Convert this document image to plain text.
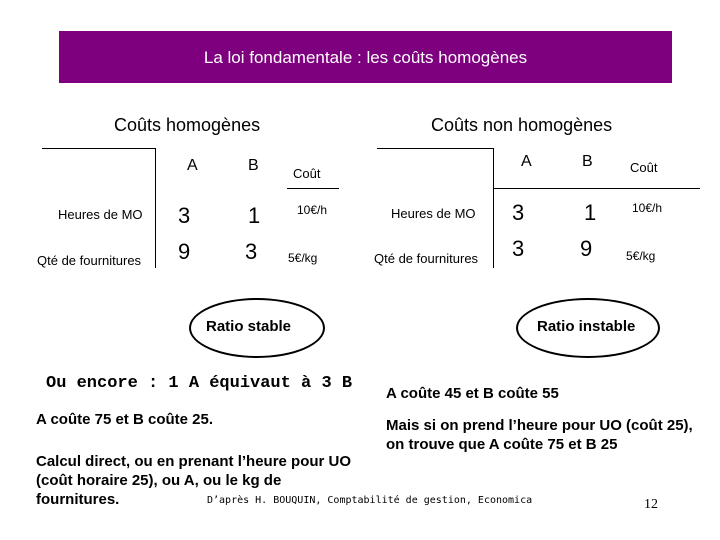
La loi fondamentale : les coûts homogènes
Coûts homogènes	Coûts non homogènes
A	B	Coût
Heures de MO 3	1	10€/h
Qté de fournitures 9 3	5€/kg
A	B	Coût
Heures de MO 3	1	10€/h
Qté de fournitures 3	9	5€/kg
Ratio stable	Ratio instable
Ou encore : 1 A équivaut à 3 B
A coûte 75 et B coûte 25.
Calcul direct, ou en prenant l’heure pour UO (coût horaire 25), ou A, ou le kg de fournitures.
A coûte 45 et B coûte 55
Mais si on prend l’heure pour UO (coût 25), on trouve que A coûte 75 et B 25
D’après H. BOUQUIN, Comptabilité de gestion, Economica	12
